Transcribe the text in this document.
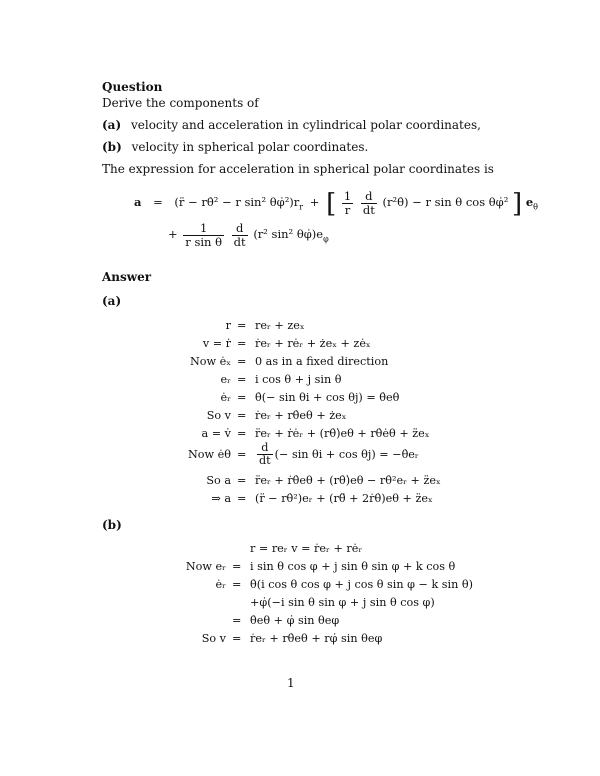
Question
Derive the components of
(a) velocity and acceleration in cylindrical polar coordinates,
(b) velocity in spherical polar coordinates.
The expression for acceleration in spherical polar coordinates is
a = (r̈ − rθ̇² − r sin² $\theta\varphi̇^2)r_r$ + [ $\frac{1}{r}$
$\frac{d}{dt}$ (r²θ̇) − r sin θ cos θφ̇² ] $e_\theta$
+ $\frac{1}{\text{r sin θ}}$
$\frac{d}{dt} (r^2$ sin² $\theta\varphi̇)e_\varphi$
Answer
(a)
r = reᵣ + zeₓ
v = ṙ = ṙeᵣ + rėᵣ + żeₓ + zėₓ
Now ėₓ = 0 as in a fixed direction
eᵣ = i cos θ + j sin θ
ėᵣ = θ̇(− sin θi + cos θj) = θ̇eθ
So v = ṙeᵣ + rθ̇eθ + żeₓ
a = v̇ = r̈eᵣ + ṙėᵣ + (rθ̇)̇eθ + rθ̇ėθ + z̈eₓ
Now ėθ = $\frac{d}{dt}$ (− sin θi + cos θj) = −θ̇eᵣ
So a = r̈eᵣ + ṙθ̇eθ + (rθ̇)̇eθ − rθ̇²eᵣ + z̈eₓ
⇒ a = (r̈ − rθ̇²)eᵣ + (rθ̈ + 2ṙθ̇)eθ + z̈eₓ
(b)
r = reᵣ v = ṙeᵣ + rėᵣ
Now eᵣ = i sin θ cos φ + j sin θ sin φ + k cos θ
ėᵣ = θ̇(i cos θ cos φ + j cos θ sin φ − k sin θ)
+φ̇(−i sin θ sin φ + j sin θ cos φ)
= θ̇eθ + φ̇ sin θeφ
So v = ṙeᵣ + rθ̇eθ + rφ̇ sin θeφ
1
